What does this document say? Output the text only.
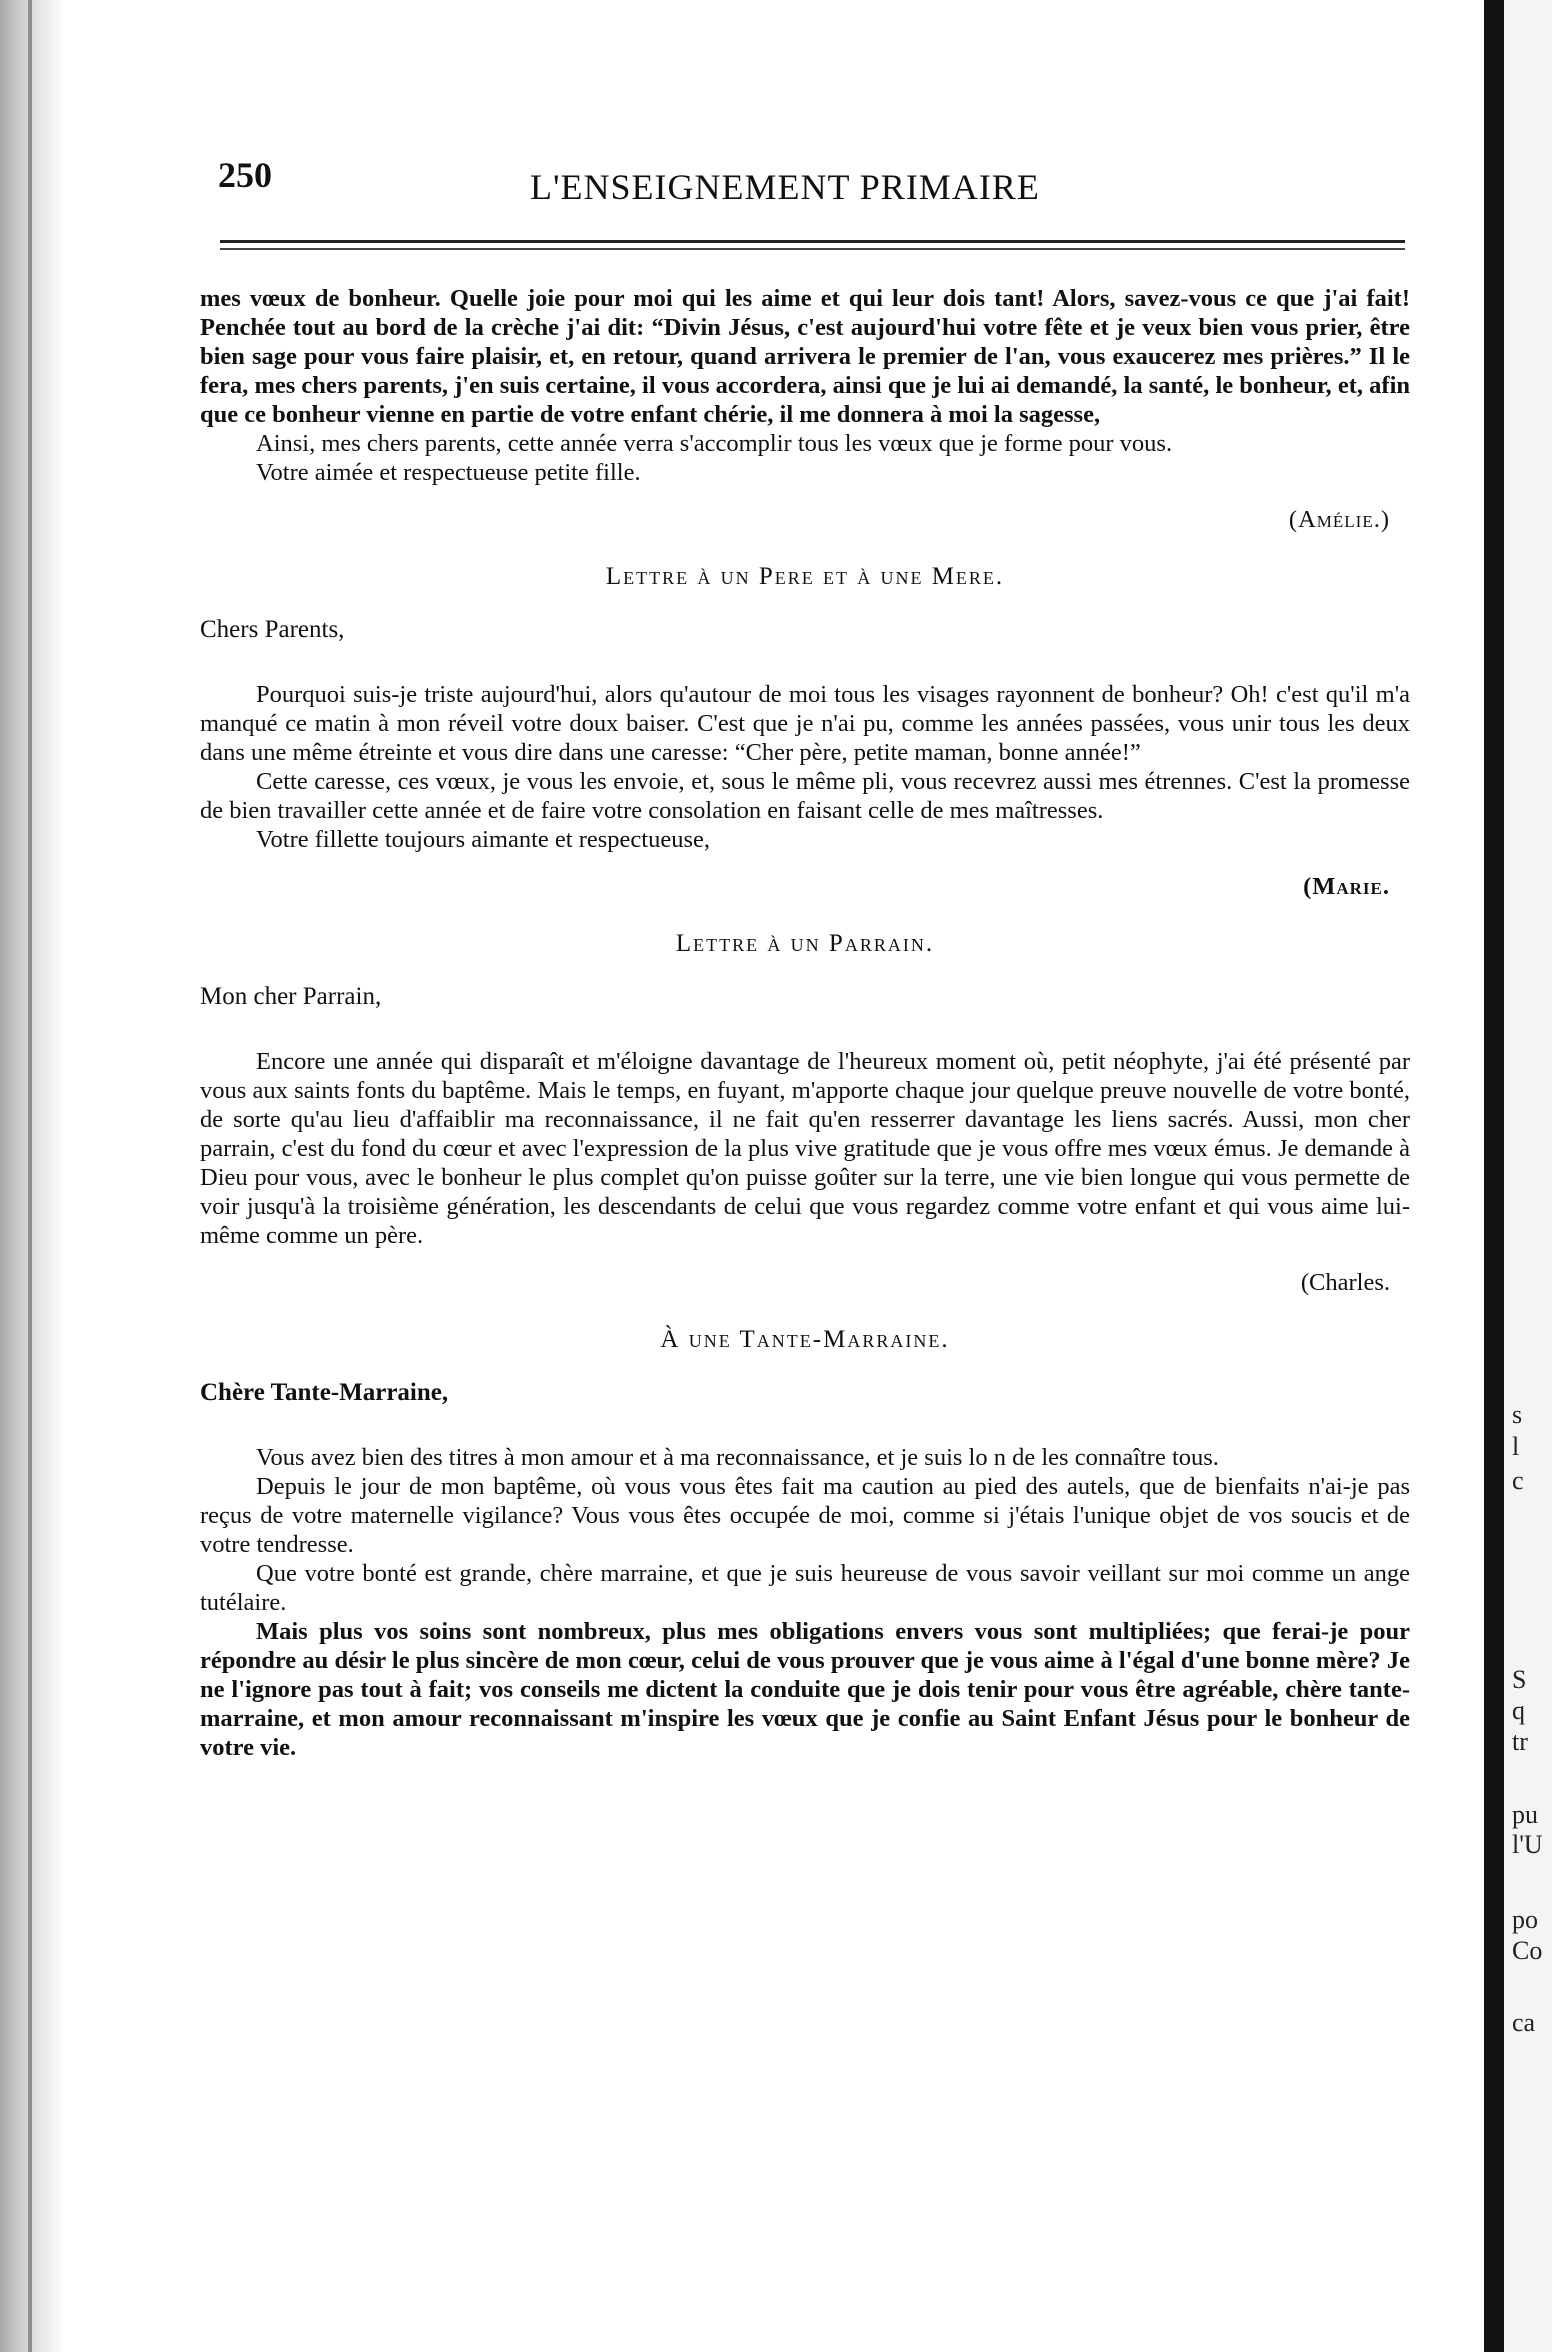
250	L'ENSEIGNEMENT PRIMAIRE

mes vœux de bonheur. Quelle joie pour moi qui les aime et qui leur dois tant! Alors, savez-vous ce que j'ai fait! Penchée tout au bord de la crèche j'ai dit: “Divin Jésus, c'est aujourd'hui votre fête et je veux bien vous prier, être bien sage pour vous faire plaisir, et, en retour, quand arrivera le premier de l'an, vous exaucerez mes prières.” Il le fera, mes chers parents, j'en suis certaine, il vous accordera, ainsi que je lui ai demandé, la santé, le bonheur, et, afin que ce bonheur vienne en partie de votre enfant chérie, il me donnera à moi la sagesse,

Ainsi, mes chers parents, cette année verra s'accomplir tous les vœux que je forme pour vous.

Votre aimée et respectueuse petite fille.

(Amélie.)
Lettre à un Pere et à une Mere.

Chers Parents,

Pourquoi suis-je triste aujourd'hui, alors qu'autour de moi tous les visages rayonnent de bonheur? Oh! c'est qu'il m'a manqué ce matin à mon réveil votre doux baiser. C'est que je n'ai pu, comme les années passées, vous unir tous les deux dans une même étreinte et vous dire dans une caresse: “Cher père, petite maman, bonne année!”

Cette caresse, ces vœux, je vous les envoie, et, sous le même pli, vous recevrez aussi mes étrennes. C'est la promesse de bien travailler cette année et de faire votre consolation en faisant celle de mes maîtresses.

Votre fillette toujours aimante et respectueuse,

(Marie.
Lettre à un Parrain.

Mon cher Parrain,

Encore une année qui disparaît et m'éloigne davantage de l'heureux moment où, petit néophyte, j'ai été présenté par vous aux saints fonts du baptême. Mais le temps, en fuyant, m'apporte chaque jour quelque preuve nouvelle de votre bonté, de sorte qu'au lieu d'affaiblir ma reconnaissance, il ne fait qu'en resserrer davantage les liens sacrés. Aussi, mon cher parrain, c'est du fond du cœur et avec l'expression de la plus vive gratitude que je vous offre mes vœux émus. Je demande à Dieu pour vous, avec le bonheur le plus complet qu'on puisse goûter sur la terre, une vie bien longue qui vous permette de voir jusqu'à la troisième génération, les descendants de celui que vous regardez comme votre enfant et qui vous aime lui-même comme un père.

(Charles.
À une Tante-Marraine.

Chère Tante-Marraine,

Vous avez bien des titres à mon amour et à ma reconnaissance, et je suis lo n de les connaître tous.

Depuis le jour de mon baptême, où vous vous êtes fait ma caution au pied des autels, que de bienfaits n'ai-je pas reçus de votre maternelle vigilance? Vous vous êtes occupée de moi, comme si j'étais l'unique objet de vos soucis et de votre tendresse.

Que votre bonté est grande, chère marraine, et que je suis heureuse de vous savoir veillant sur moi comme un ange tutélaire.

Mais plus vos soins sont nombreux, plus mes obligations envers vous sont multipliées; que ferai-je pour répondre au désir le plus sincère de mon cœur, celui de vous prouver que je vous aime à l'égal d'une bonne mère? Je ne l'ignore pas tout à fait; vos conseils me dictent la conduite que je dois tenir pour vous être agréable, chère tante-marraine, et mon amour reconnaissant m'inspire les vœux que je confie au Saint Enfant Jésus pour le bonheur de votre vie.

s
l
c
S
q
tr
pu
l'U
po
Co
ca
